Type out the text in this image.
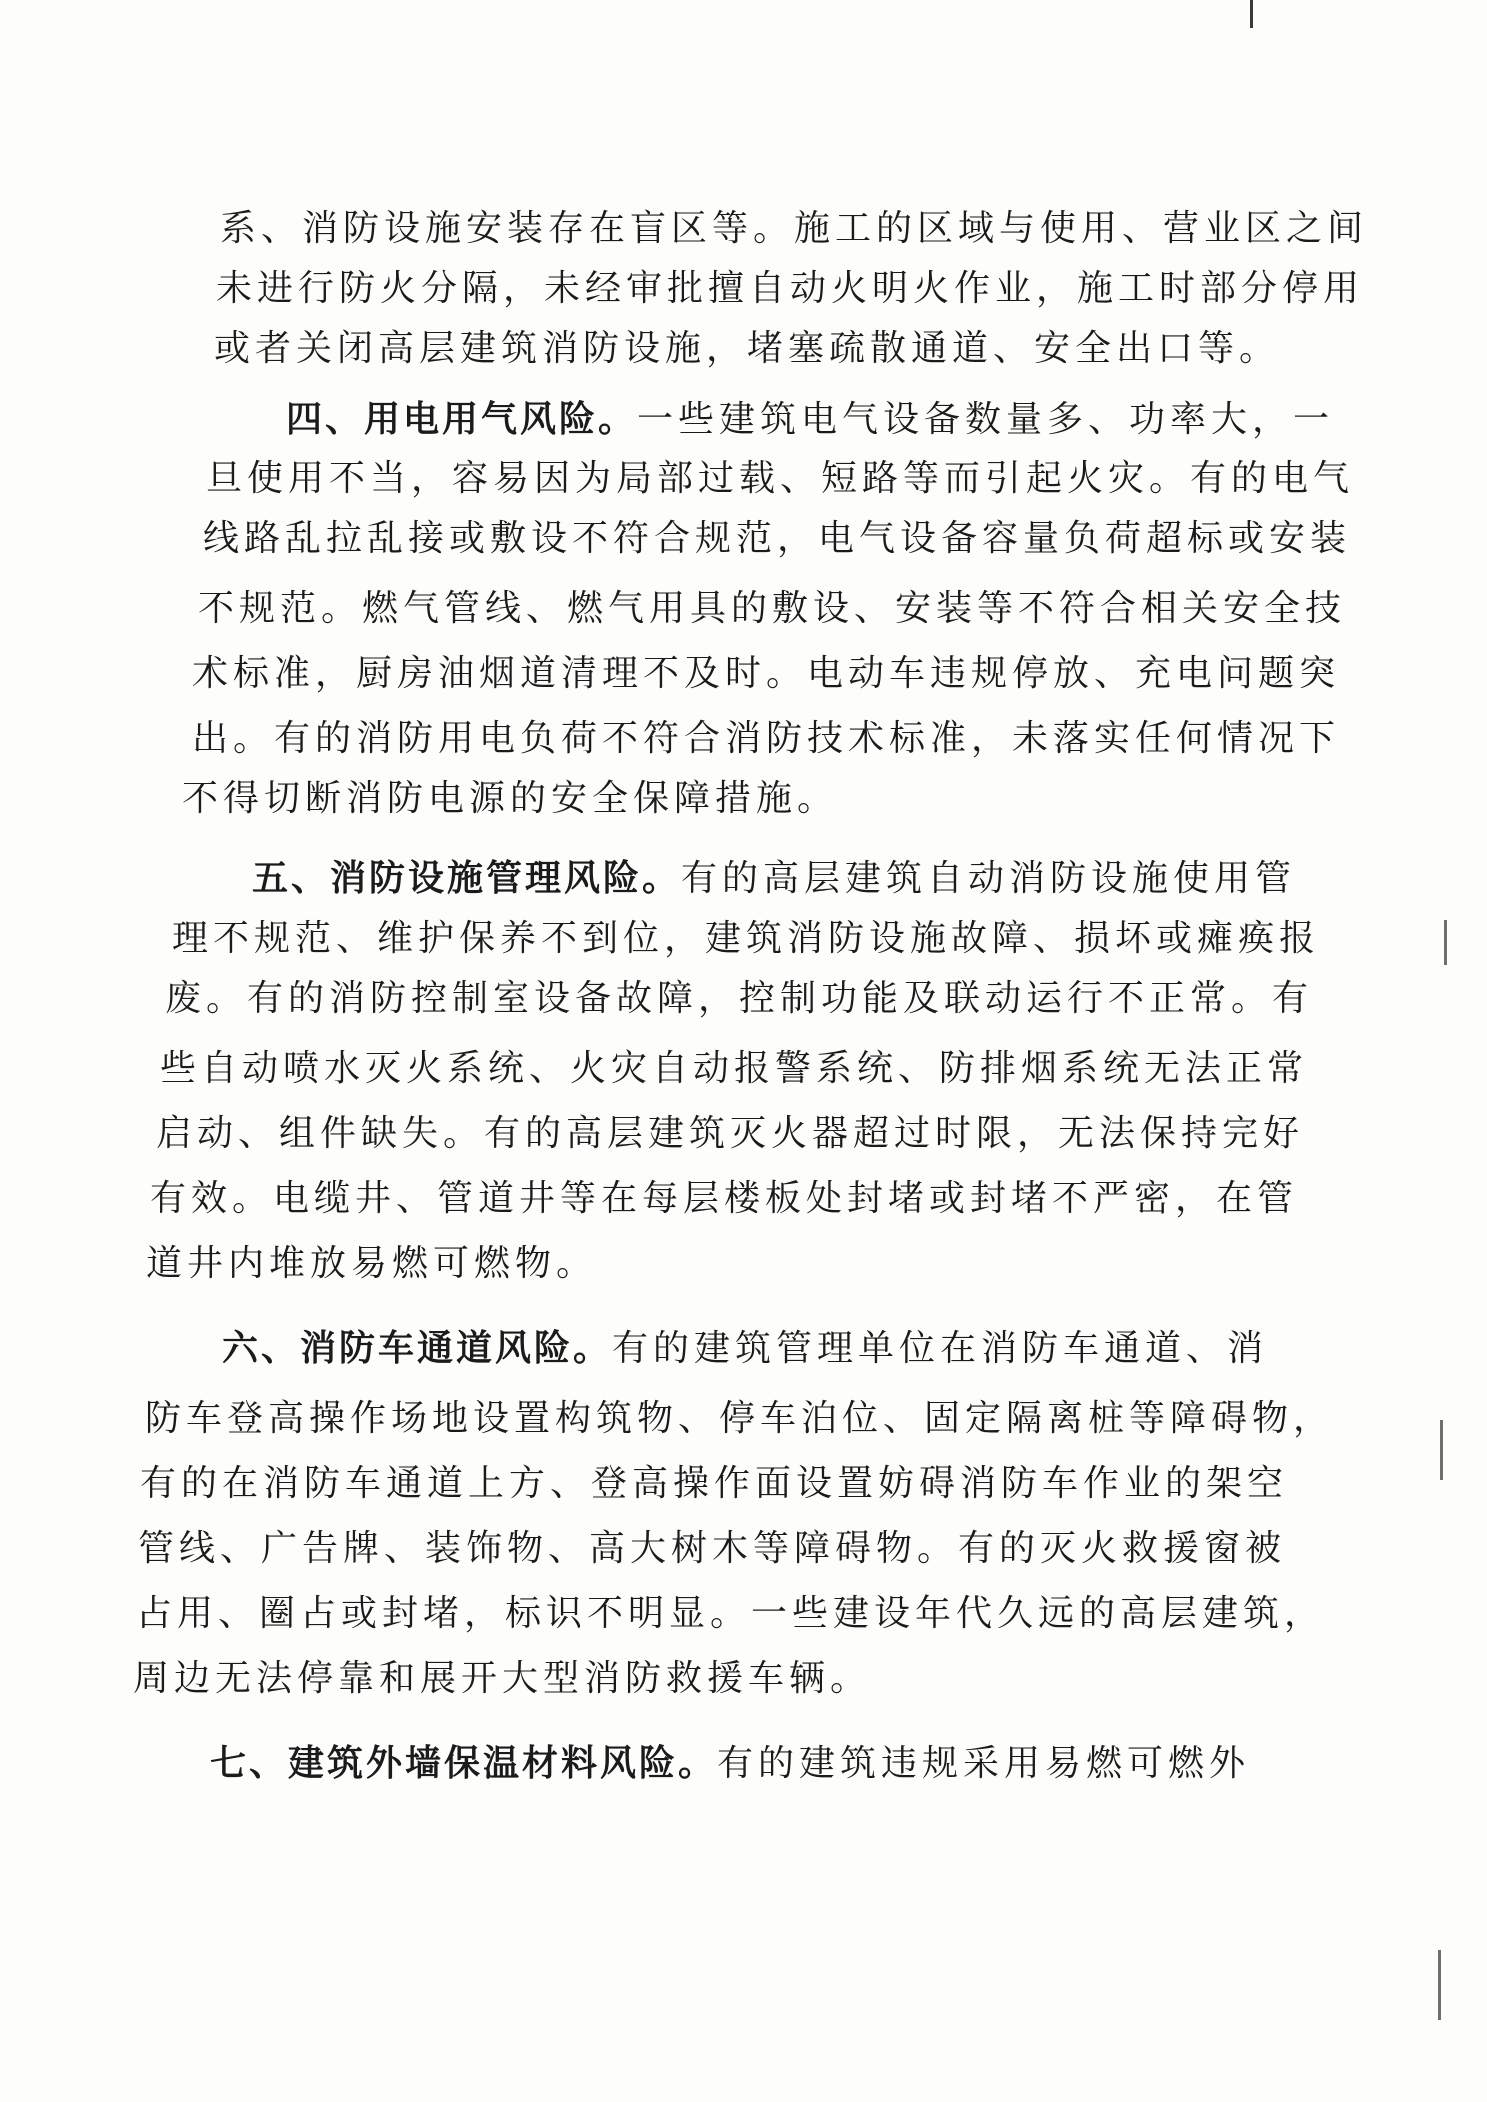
系、消防设施安装存在盲区等。施工的区域与使用、营业区之间
未进行防火分隔，未经审批擅自动火明火作业，施工时部分停用
或者关闭高层建筑消防设施，堵塞疏散通道、安全出口等。
四、用电用气风险。一些建筑电气设备数量多、功率大，一
旦使用不当，容易因为局部过载、短路等而引起火灾。有的电气
线路乱拉乱接或敷设不符合规范，电气设备容量负荷超标或安装
不规范。燃气管线、燃气用具的敷设、安装等不符合相关安全技
术标准，厨房油烟道清理不及时。电动车违规停放、充电问题突
出。有的消防用电负荷不符合消防技术标准，未落实任何情况下
不得切断消防电源的安全保障措施。
五、消防设施管理风险。有的高层建筑自动消防设施使用管
理不规范、维护保养不到位，建筑消防设施故障、损坏或瘫痪报
废。有的消防控制室设备故障，控制功能及联动运行不正常。有
些自动喷水灭火系统、火灾自动报警系统、防排烟系统无法正常
启动、组件缺失。有的高层建筑灭火器超过时限，无法保持完好
有效。电缆井、管道井等在每层楼板处封堵或封堵不严密，在管
道井内堆放易燃可燃物。
六、消防车通道风险。有的建筑管理单位在消防车通道、消
防车登高操作场地设置构筑物、停车泊位、固定隔离桩等障碍物，
有的在消防车通道上方、登高操作面设置妨碍消防车作业的架空
管线、广告牌、装饰物、高大树木等障碍物。有的灭火救援窗被
占用、圈占或封堵，标识不明显。一些建设年代久远的高层建筑，
周边无法停靠和展开大型消防救援车辆。
七、建筑外墙保温材料风险。有的建筑违规采用易燃可燃外
